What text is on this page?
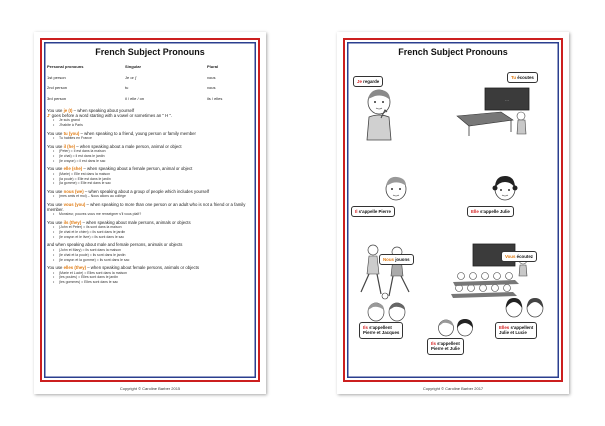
French Subject Pronouns
Personal pronouns	Singular	Plural
1st person	Je or j'	vous
2nd person	tu	vous
3rd person	il / elle / on	ils / elles
You use je (I) – when speaking about yourself
J' goes before a word starting with a vowel or sometimes an " H ".
• Je suis grand
• J'habite à Paris
You use tu (you) – when speaking to a friend, young person or family member
• Tu habites en France
You use il (he) – when speaking about a male person, animal or object
• (Peter) = Il est dans la maison
• (le chat) = il est dans le jardin
• (le crayon) = il est dans le sac
You use elle (she) – when speaking about a female person, animal or object
• (Marie) = Elle est dans la maison
• (la poule) = Elle est dans le jardin
• (la gomme) = Elle est dans le sac
You use nous (we) – when speaking about a group of people which includes yourself
• (mes amis et moi) – Nous allons au collège
You use vous (you) – when speaking to more than one person or an adult who is not a friend or a family member.
• Monsieur, pouvez-vous me renseigner s'il vous plaît?
You use ils (they) – when speaking about male persons, animals or objects
• (John et Peter) = ils sont dans la maison
• (le chat et le chien) = ils sont dans le jardin
• (le crayon et le livre) = ils sont dans le sac
and when speaking about male and female persons, animals or objects
• (John et Mary) = ils sont dans la maison
• (le chat et la poule) = ils sont dans le jardin
• (le crayon et la gomme) = ils sont dans le sac
You use elles (they) – when speaking about female persons, animals or objects
• (Marie et Lucie) = Elles sont dans la maison
• (les poules) = Elles sont dans le jardin
• (les gommes) = Elles sont dans le sac
Copyright © Caroline Barber 2015
French Subject Pronouns
...
Je regarde
Tu écoutes
Il s'appelle Pierre	Elle s'appelle Julie
Nous jouons
Vous écoutez
Ils s'appellent
Pierre et Jacques
Ils s'appellent
Pierre et Julie
Elles s'appellent
Julie et Lucie
Copyright © Caroline Barber 2017
